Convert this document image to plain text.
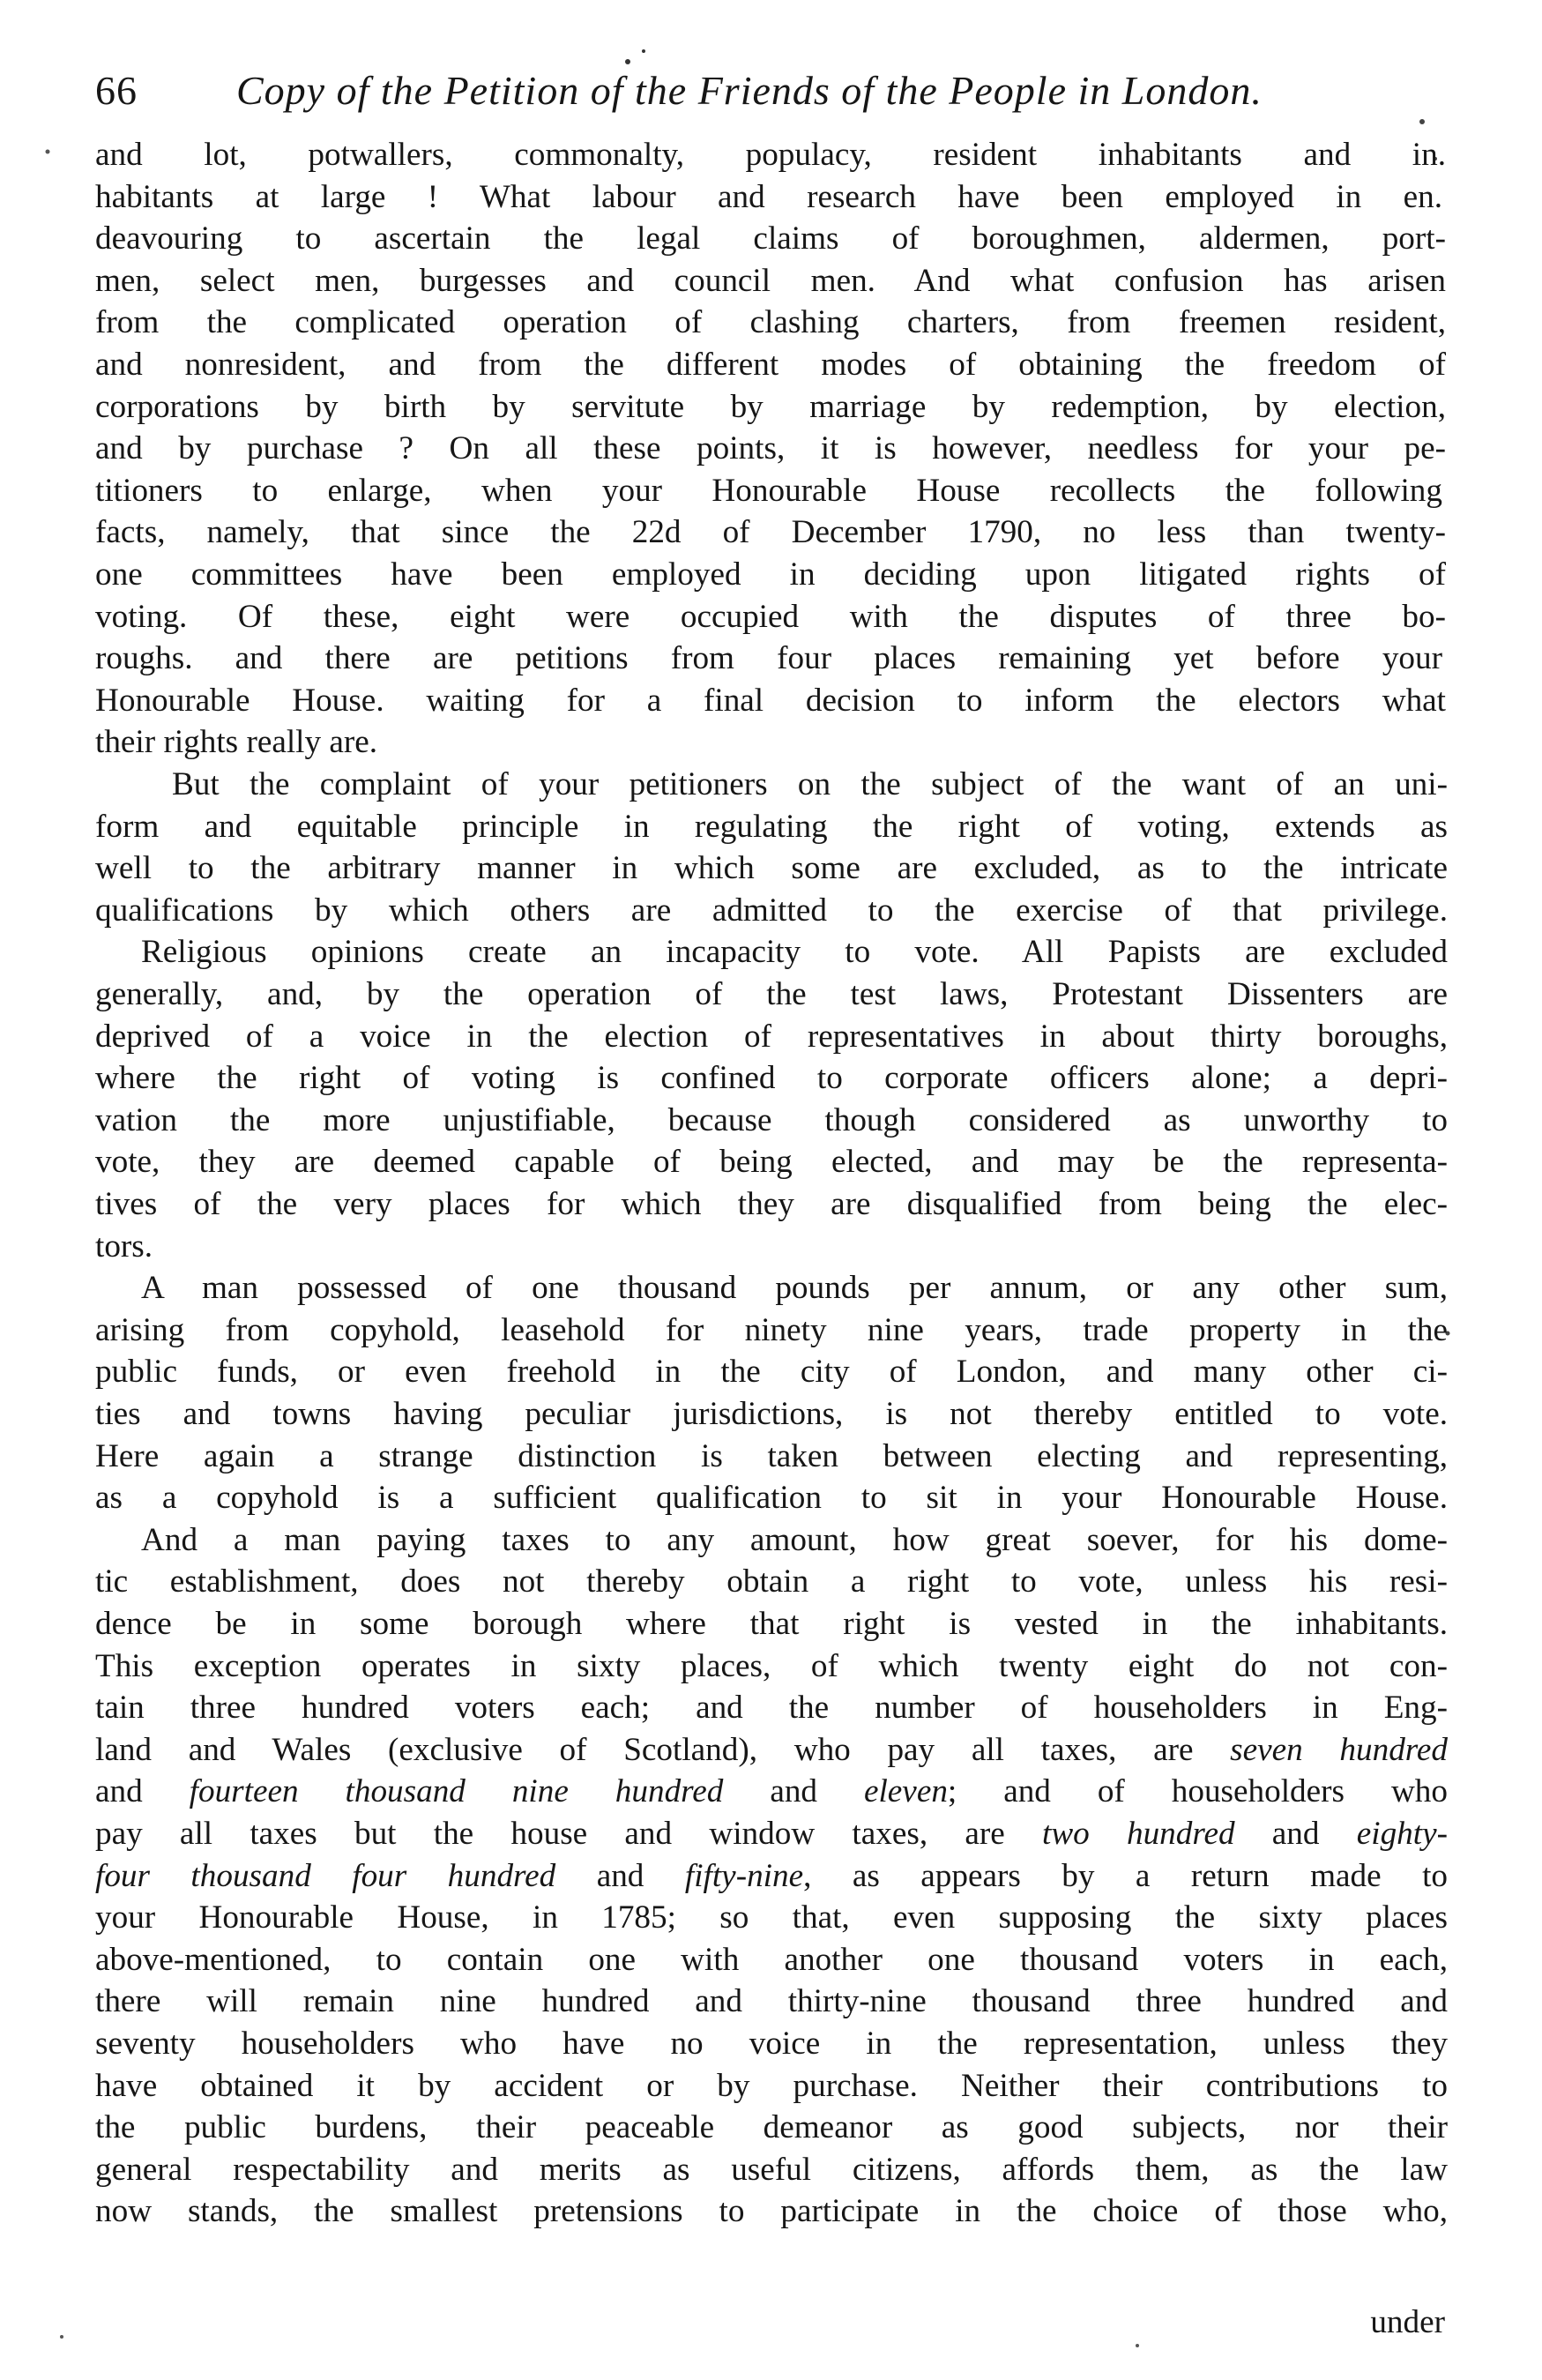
66 Copy of the Petition of the Friends of the People in London.
and lot, potwallers, commonalty, populacy, resident inhabitants and in.
habitants at large ! What labour and research have been employed in en.
deavouring to ascertain the legal claims of boroughmen, aldermen, port-
men, select men, burgesses and council men. And what confusion has arisen
from the complicated operation of clashing charters, from freemen resident,
and nonresident, and from the different modes of obtaining the freedom of
corporations by birth by servitute by marriage by redemption, by election,
and by purchase ? On all these points, it is however, needless for your pe-
titioners to enlarge, when your Honourable House recollects the following
facts, namely, that since the 22d of December 1790, no less than twenty-
one committees have been employed in deciding upon litigated rights of
voting. Of these, eight were occupied with the disputes of three bo-
roughs. and there are petitions from four places remaining yet before your
Honourable House. waiting for a final decision to inform the electors what
their rights really are.
But the complaint of your petitioners on the subject of the want of an uni-
form and equitable principle in regulating the right of voting, extends as
well to the arbitrary manner in which some are excluded, as to the intricate
qualifications by which others are admitted to the exercise of that privilege.
Religious opinions create an incapacity to vote. All Papists are excluded
generally, and, by the operation of the test laws, Protestant Dissenters are
deprived of a voice in the election of representatives in about thirty boroughs,
where the right of voting is confined to corporate officers alone; a depri-
vation the more unjustifiable, because though considered as unworthy to
vote, they are deemed capable of being elected, and may be the representa-
tives of the very places for which they are disqualified from being the elec-
tors.
A man possessed of one thousand pounds per annum, or any other sum,
arising from copyhold, leasehold for ninety nine years, trade property in the
public funds, or even freehold in the city of London, and many other ci-
ties and towns having peculiar jurisdictions, is not thereby entitled to vote.
Here again a strange distinction is taken between electing and representing,
as a copyhold is a sufficient qualification to sit in your Honourable House.
And a man paying taxes to any amount, how great soever, for his dome-
tic establishment, does not thereby obtain a right to vote, unless his resi-
dence be in some borough where that right is vested in the inhabitants.
This exception operates in sixty places, of which twenty eight do not con-
tain three hundred voters each; and the number of householders in Eng-
land and Wales (exclusive of Scotland), who pay all taxes, are seven hundred
and fourteen thousand nine hundred and eleven; and of householders who
pay all taxes but the house and window taxes, are two hundred and eighty-
four thousand four hundred and fifty-nine, as appears by a return made to
your Honourable House, in 1785; so that, even supposing the sixty places
above-mentioned, to contain one with another one thousand voters in each,
there will remain nine hundred and thirty-nine thousand three hundred and
seventy householders who have no voice in the representation, unless they
have obtained it by accident or by purchase. Neither their contributions to
the public burdens, their peaceable demeanor as good subjects, nor their
general respectability and merits as useful citizens, affords them, as the law
now stands, the smallest pretensions to participate in the choice of those who,
under
